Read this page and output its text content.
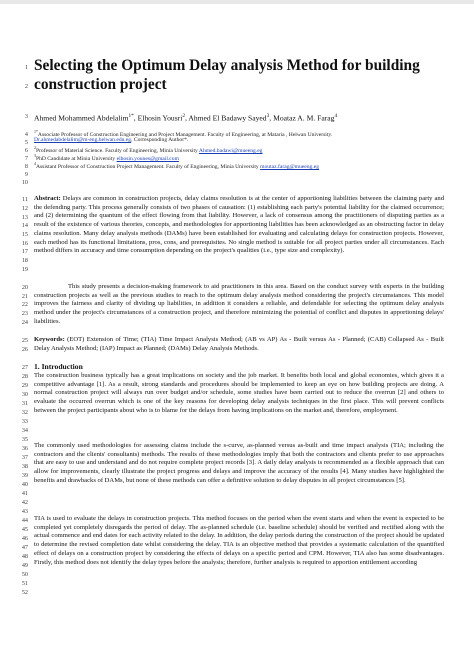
1
2
3
4
5
6
7
8
9
10
11
12
13
14
15
16
17
18
19
20
21
22
23
24
25
26
27
28
29
30
31
32
33
34
35
36
37
38
39
40
41
42
43
44
45
46
47
48
49
50
51
52
Selecting the Optimum Delay analysis Method for building construction project
Ahmed Mohammed Abdelalim$^{1*}$, Elhosin Yousri$^2$, Ahmed El Badawy Sayed$^3$, Moataz A. M. Farag$^4$
$^{1*}$Associate Professor of Construction Engineering and Project Management. Faculty of Engineering, at Mataria , Helwan University.
Dr.ahmedabdelalim@m-eng.helwan.edu.eg, Corresponding Author*.
$^2$Professor of Material Science. Faculty of Engineering, Minia University Ahmed.badawi@mueeng.eg
$^3$PhD Candidate at Minia University elhosin.younes@gmail.com
$^4$Assistant Professor of Construction Project Management. Faculty of Engineering, Minia University moutaz.farag@mueeng.eg
Abstract: Delays are common in construction projects, delay claims resolution is at the center of apportioning liabilities between the claiming party and the defending party. This process generally consists of two phases of causation: (1) establishing each party's potential liability for the claimed occurrence; and (2) determining the quantum of the effect flowing from that liability. However, a lack of consensus among the practitioners of disputing parties as a result of the existence of various theories, concepts, and methodologies for apportioning liabilities has been acknowledged as an obstructing factor in delay claims resolution. Many delay analysis methods (DAMs) have been established for evaluating and calculating delays for construction projects. However, each method has its functional limitations, pros, cons, and prerequisites. No single method is suitable for all project parties under all circumstances. Each method differs in accuracy and time consumption depending on the project's qualities (i.e., type size and complexity).
This study presents a decision-making framework to aid practitioners in this area. Based on the conduct survey with experts in the building construction projects as well as the previous studies to reach to the optimum delay analysis method considering the project's circumstances. This model improves the fairness and clarity of dividing up liabilities, in addition it considers a reliable, and defendable for selecting the optimum delay analysis method under the project's circumstances of a construction project, and therefore minimizing the potential of conflict and disputes in apportioning delays' liabilities.
Keywords: (EOT) Extension of Time; (TIA) Time Impact Analysis Method; (AB vs AP) As - Built versus As - Planned; (CAB) Collapsed As - Built Delay Analysis Method; (IAP) Impact as Planned; (DAMs) Delay Analysis Methods.
1. Introduction
The construction business typically has a great implications on society and the job market. It benefits both local and global economies, which gives it a competitive advantage [1]. As a result, strong standards and procedures should be implemented to keep an eye on how building projects are doing. A normal construction project will always run over budget and/or schedule, some studies have been carried out to reduce the overrun [2] and others to evaluate the occurred overrun which is one of the key reasons for developing delay analysis techniques in the first place. This will prevent conflicts between the project participants about who is to blame for the delays from having implications on the market and, therefore, employment.
The commonly used methodologies for assessing claims include the s-curve, as-planned versus as-built and time impact analysis (TIA; including the contractors and the clients' consultants) methods. The results of these methodologies imply that both the contractors and clients prefer to use approaches that are easy to use and understand and do not require complete project records [3]. A daily delay analysis is recommended as a flexible approach that can allow for improvements, clearly illustrate the project progress and delays and improve the accuracy of the results [4]. Many studies have highlighted the benefits and drawbacks of DAMs, but none of these methods can offer a definitive solution to delay disputes in all project circumstances [5].
TIA is used to evaluate the delays in construction projects. This method focuses on the period when the event starts and when the event is expected to be completed yet completely disregards the period of delay. The as-planned schedule (i.e. baseline schedule) should be verified and rectified along with the actual commence and end dates for each activity related to the delay. In addition, the delay periods during the construction of the project should be updated to determine the revised completion date whilst considering the delay. TIA is an objective method that provides a systematic calculation of the quantified effect of delays on a construction project by considering the effects of delays on a specific period and CPM. However, TIA also has some disadvantages. Firstly, this method does not identify the delay types before the analysis; therefore, further analysis is required to apportion entitlement according
